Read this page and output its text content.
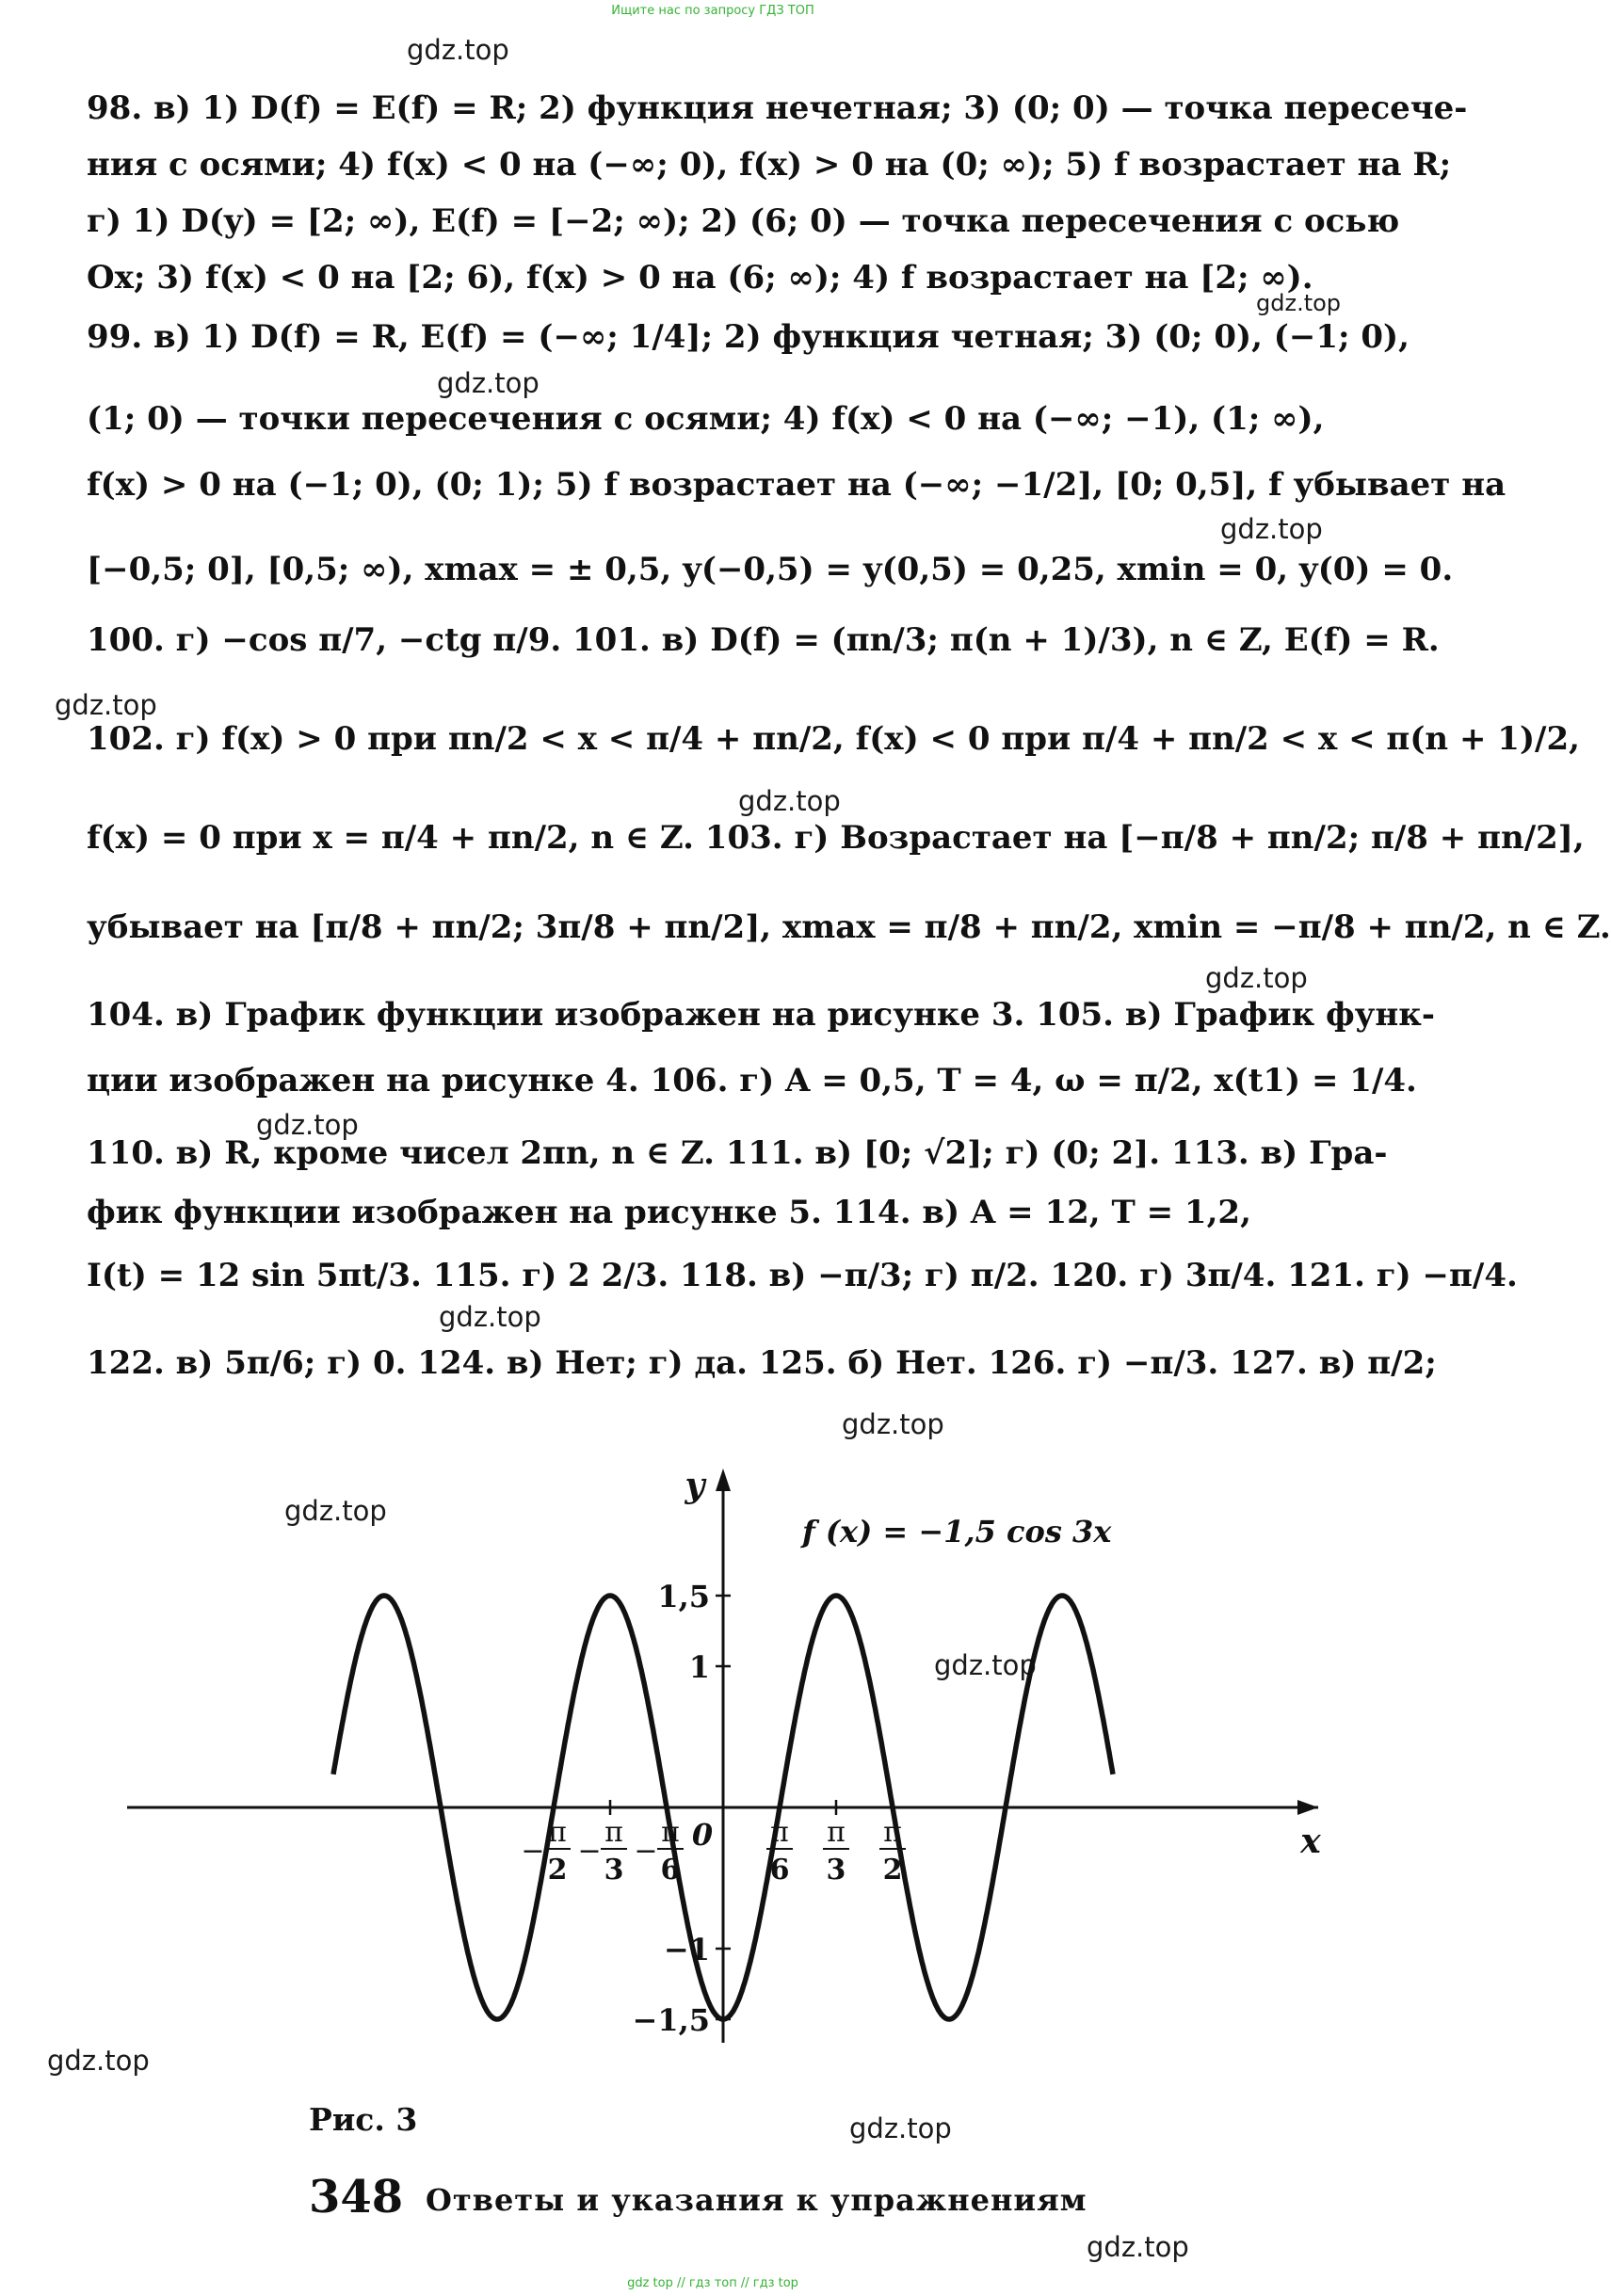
Ищите нас по запросу ГДЗ ТОП
98. в) 1) D(f) = E(f) = R; 2) функция нечетная; 3) (0; 0) — точка пересече-
ния с осями; 4) f(x) < 0 на (−∞; 0), f(x) > 0 на (0; ∞); 5) f возрастает на R;
г) 1) D(y) = [2; ∞), E(f) = [−2; ∞); 2) (6; 0) — точка пересечения с осью
Ox; 3) f(x) < 0 на [2; 6), f(x) > 0 на (6; ∞); 4) f возрастает на [2; ∞).
99. в) 1) D(f) = R, E(f) = (−∞; 1/4]; 2) функция четная; 3) (0; 0), (−1; 0),
(1; 0) — точки пересечения с осями; 4) f(x) < 0 на (−∞; −1), (1; ∞),
f(x) > 0 на (−1; 0), (0; 1); 5) f возрастает на (−∞; −1/2], [0; 0,5], f убывает на
[−0,5; 0], [0,5; ∞), xmax = ± 0,5, y(−0,5) = y(0,5) = 0,25, xmin = 0, y(0) = 0.
100. г) −cos π/7, −ctg π/9. 101. в) D(f) = (πn/3; π(n + 1)/3), n ∈ Z, E(f) = R.
102. г) f(x) > 0 при πn/2 < x < π/4 + πn/2, f(x) < 0 при π/4 + πn/2 < x < π(n + 1)/2,
f(x) = 0 при x = π/4 + πn/2, n ∈ Z. 103. г) Возрастает на [−π/8 + πn/2; π/8 + πn/2],
убывает на [π/8 + πn/2; 3π/8 + πn/2], xmax = π/8 + πn/2, xmin = −π/8 + πn/2, n ∈ Z.
104. в) График функции изображен на рисунке 3. 105. в) График функ-
ции изображен на рисунке 4. 106. г) A = 0,5, T = 4, ω = π/2, x(t1) = 1/4.
110. в) R, кроме чисел 2πn, n ∈ Z. 111. в) [0; √2]; г) (0; 2]. 113. в) Гра-
фик функции изображен на рисунке 5. 114. в) A = 12, T = 1,2,
I(t) = 12 sin 5πt/3. 115. г) 2 2/3. 118. в) −π/3; г) π/2. 120. г) 3π/4. 121. г) −π/4.
122. в) 5π/6; г) 0. 124. в) Нет; г) да. 125. б) Нет. 126. г) −π/3. 127. в) π/2;
gdz.top
gdz.top
gdz.top
gdz.top
gdz.top
gdz.top
gdz.top
gdz.top
gdz.top
gdz.top
gdz.top
gdz.top
gdz.top
gdz.top
gdz.top
y
x
0
f (x) = −1,5 cos 3x
1,5
1
−1
−1,5
π
2
−
π
3
−
π
6
−
π
6
π
3
π
2
Рис. 3
348 Ответы и указания к упражнениям
gdz top // гдз топ // гдз top
